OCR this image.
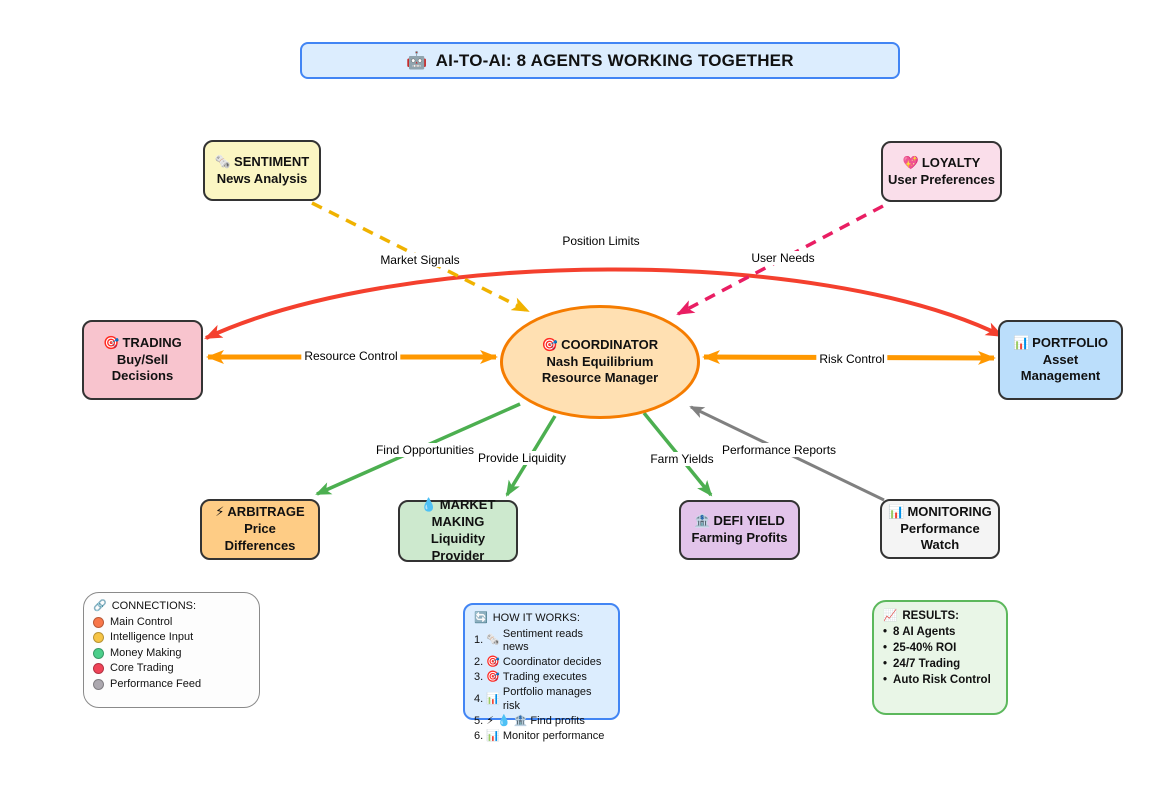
🤖 AI-TO-AI: 8 AGENTS WORKING TOGETHER
🗞️ SENTIMENT
News Analysis
💖 LOYALTY
User Preferences
🎯 TRADING
Buy/Sell Decisions
🎯 COORDINATOR
Nash Equilibrium
Resource Manager
📊 PORTFOLIO
Asset Management
⚡ ARBITRAGE
Price Differences
💧 MARKET MAKING
Liquidity Provider
🏦 DEFI YIELD
Farming Profits
📊 MONITORING
Performance Watch
Market Signals
Position Limits
User Needs
Resource Control	Risk Control
Find Opportunities
Provide Liquidity	Farm Yields
Performance Reports
🔗 CONNECTIONS:
Main Control
Intelligence Input
Money Making
Core Trading
Performance Feed
🔄 HOW IT WORKS:
1. 🗞️
Sentiment reads news
2. 🎯 Coordinator decides
3. 🎯 Trading executes
4. 📊
Portfolio manages risk
5. ⚡ 💧 🏦 Find profits
6. 📊 Monitor performance
📈 RESULTS:
• 8 AI Agents
• 25-40% ROI
• 24/7 Trading
• Auto Risk Control
